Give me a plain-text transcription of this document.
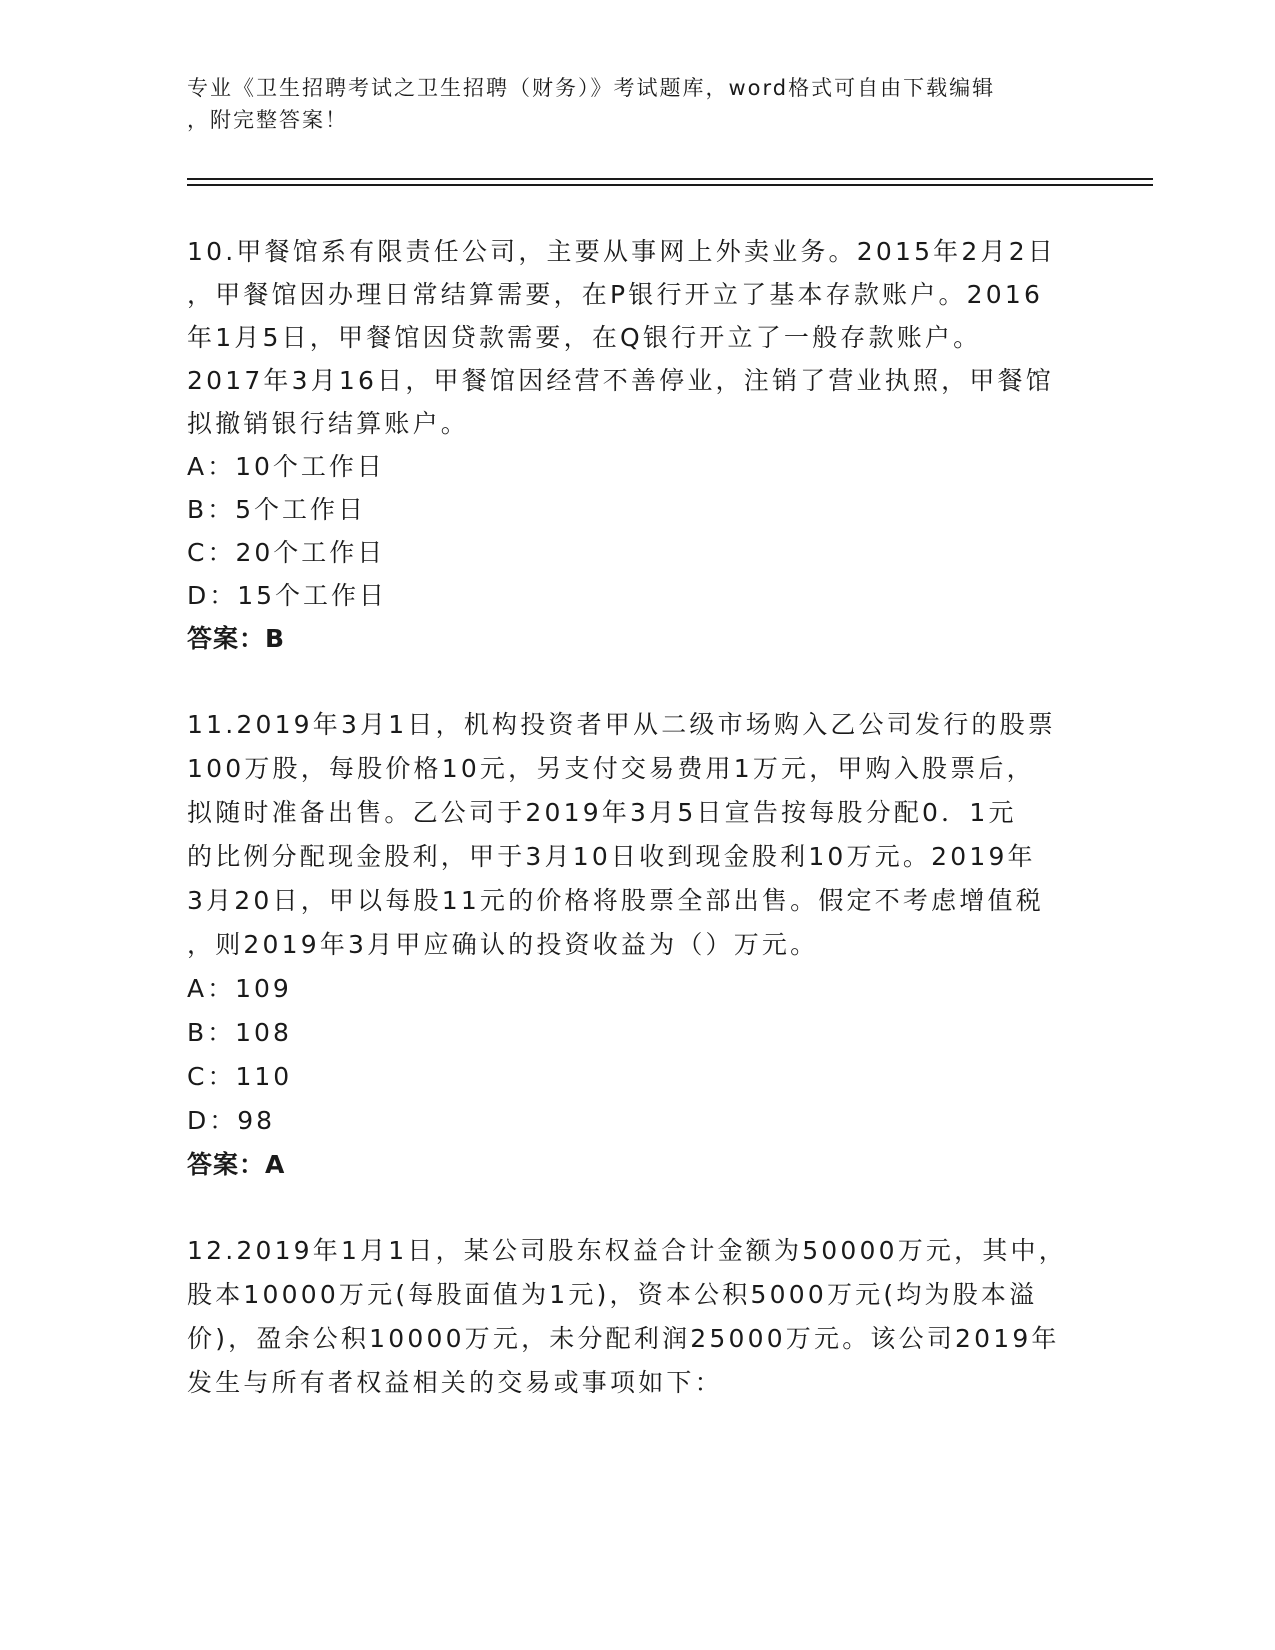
专业《卫生招聘考试之卫生招聘（财务）》考试题库，word格式可自由下载编辑
，附完整答案！
10.甲餐馆系有限责任公司，主要从事网上外卖业务。2015年2月2日
，甲餐馆因办理日常结算需要，在P银行开立了基本存款账户。2016
年1月5日，甲餐馆因贷款需要，在Q银行开立了一般存款账户。
2017年3月16日，甲餐馆因经营不善停业，注销了营业执照，甲餐馆
拟撤销银行结算账户。
A：10个工作日
B：5个工作日
C：20个工作日
D：15个工作日
答案：B
11.2019年3月1日，机构投资者甲从二级市场购入乙公司发行的股票
100万股，每股价格10元，另支付交易费用1万元，甲购入股票后，
拟随时准备出售。乙公司于2019年3月5日宣告按每股分配0．1元
的比例分配现金股利，甲于3月10日收到现金股利10万元。2019年
3月20日，甲以每股11元的价格将股票全部出售。假定不考虑增值税
，则2019年3月甲应确认的投资收益为（）万元。
A：109
B：108
C：110
D：98
答案：A
12.2019年1月1日，某公司股东权益合计金额为50000万元，其中，
股本10000万元(每股面值为1元)，资本公积5000万元(均为股本溢
价)，盈余公积10000万元，未分配利润25000万元。该公司2019年
发生与所有者权益相关的交易或事项如下：
